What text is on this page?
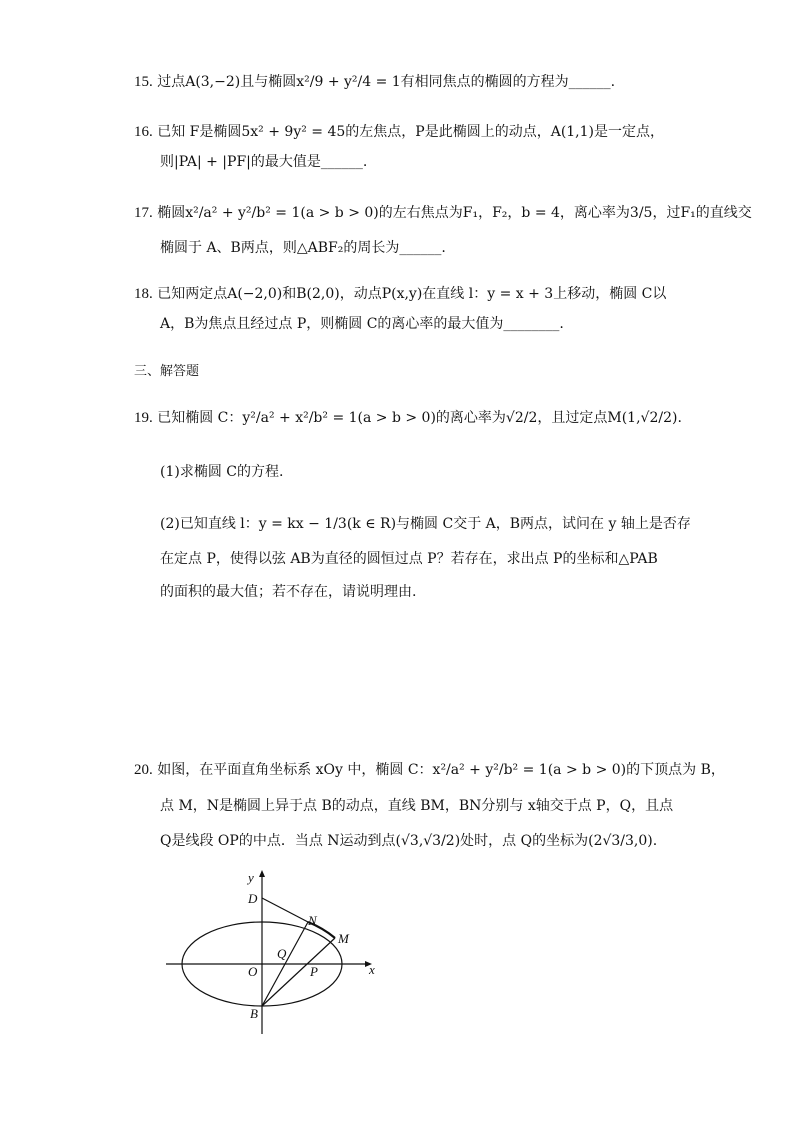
15. 过点A(3,−2)且与椭圆x²/9 + y²/4 = 1有相同焦点的椭圆的方程为______.
16. 已知 F是椭圆5x² + 9y² = 45的左焦点，P是此椭圆上的动点，A(1,1)是一定点，
则|PA| + |PF|的最大值是______.
17. 椭圆x²/a² + y²/b² = 1(a > b > 0)的左右焦点为F₁，F₂，b = 4，离心率为3/5，过F₁的直线交
椭圆于 A、B两点，则△ABF₂的周长为______.
18. 已知两定点A(−2,0)和B(2,0)，动点P(x,y)在直线 l：y = x + 3上移动，椭圆 C以
A，B为焦点且经过点 P，则椭圆 C的离心率的最大值为________.
三、解答题
19. 已知椭圆 C：y²/a² + x²/b² = 1(a > b > 0)的离心率为√2/2，且过定点M(1,√2/2).
(1)求椭圆 C的方程.
(2)已知直线 l：y = kx − 1/3(k ∈ R)与椭圆 C交于 A，B两点，试问在 y 轴上是否存
在定点 P，使得以弦 AB为直径的圆恒过点 P？若存在，求出点 P的坐标和△PAB
的面积的最大值；若不存在，请说明理由.
20. 如图，在平面直角坐标系 xOy 中，椭圆 C：x²/a² + y²/b² = 1(a > b > 0)的下顶点为 B，
点 M，N是椭圆上异于点 B的动点，直线 BM，BN分别与 x轴交于点 P，Q，且点
Q是线段 OP的中点．当点 N运动到点(√3,√3/2)处时，点 Q的坐标为(2√3/3,0).
y
x
D
N
M
Q
O	P
B
